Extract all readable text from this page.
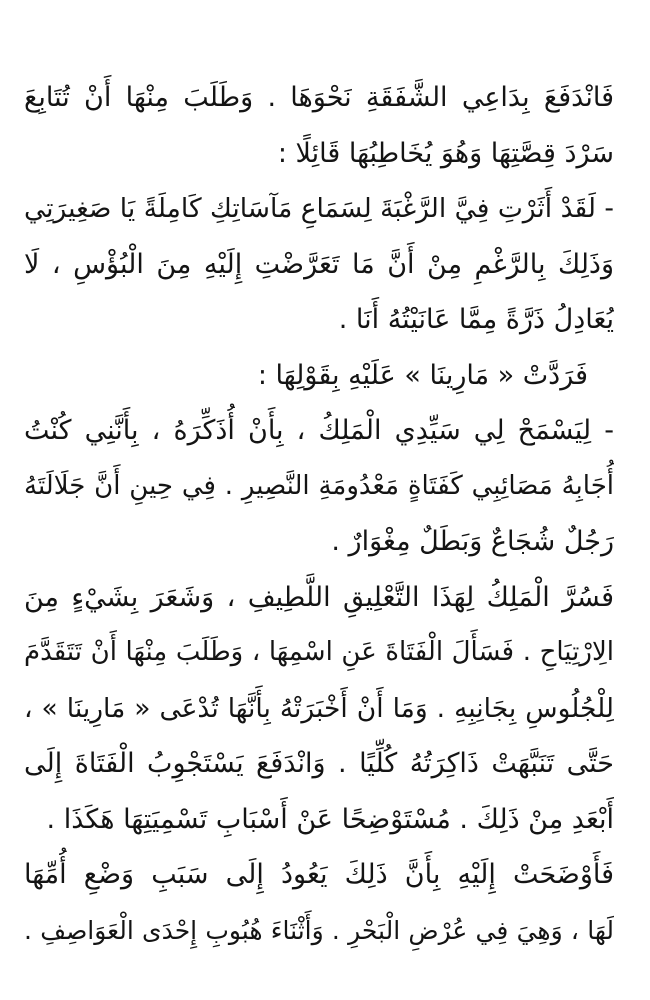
فَانْدَفَعَ بِدَاعِي الشَّفَقَةِ نَحْوَهَا . وَطَلَبَ مِنْهَا أَنْ تُتَابِعَ
سَرْدَ قِصَّتِهَا وَهُوَ يُخَاطِبُهَا قَائِلًا :
- لَقَدْ أَثَرْتِ فِيَّ الرَّغْبَةَ لِسَمَاعِ مَآسَاتِكِ كَامِلَةً يَا صَغِيرَتِي
وَذَلِكَ بِالرَّغْمِ مِنْ أَنَّ مَا تَعَرَّضْتِ إِلَيْهِ مِنَ الْبُؤْسِ ، لَا
يُعَادِلُ ذَرَّةً مِمَّا عَانَيْتُهُ أَنَا .
فَرَدَّتْ « مَارِينَا » عَلَيْهِ بِقَوْلِهَا :
- لِيَسْمَحْ لِي سَيِّدِي الْمَلِكُ ، بِأَنْ أُذَكِّرَهُ ، بِأَنَّنِي كُنْتُ
أُجَابِهُ مَصَائِبِي كَفَتَاةٍ مَعْدُومَةِ النَّصِيرِ . فِي حِينِ أَنَّ جَلَالَتَهُ
رَجُلٌ شُجَاعٌ وَبَطَلٌ مِغْوَارٌ .
فَسُرَّ الْمَلِكُ لِهَذَا التَّعْلِيقِ اللَّطِيفِ ، وَشَعَرَ بِشَيْءٍ مِنَ
الِارْتِيَاحِ . فَسَأَلَ الْفَتَاةَ عَنِ اسْمِهَا ، وَطَلَبَ مِنْهَا أَنْ تَتَقَدَّمَ
لِلْجُلُوسِ بِجَانِبِهِ . وَمَا أَنْ أَخْبَرَتْهُ بِأَنَّهَا تُدْعَى « مَارِينَا » ،
حَتَّى تَنَبَّهَتْ ذَاكِرَتُهُ كُلِّيًا . وَانْدَفَعَ يَسْتَجْوِبُ الْفَتَاةَ إِلَى
أَبْعَدِ مِنْ ذَلِكَ . مُسْتَوْضِحًا عَنْ أَسْبَابِ تَسْمِيَتِهَا هَكَذَا .
فَأَوْضَحَتْ إِلَيْهِ بِأَنَّ ذَلِكَ يَعُودُ إِلَى سَبَبِ وَضْعِ أُمِّهَا
لَهَا ، وَهِيَ فِي عُرْضِ الْبَحْرِ . وَأَثْنَاءَ هُبُوبِ إِحْدَى الْعَوَاصِفِ .
